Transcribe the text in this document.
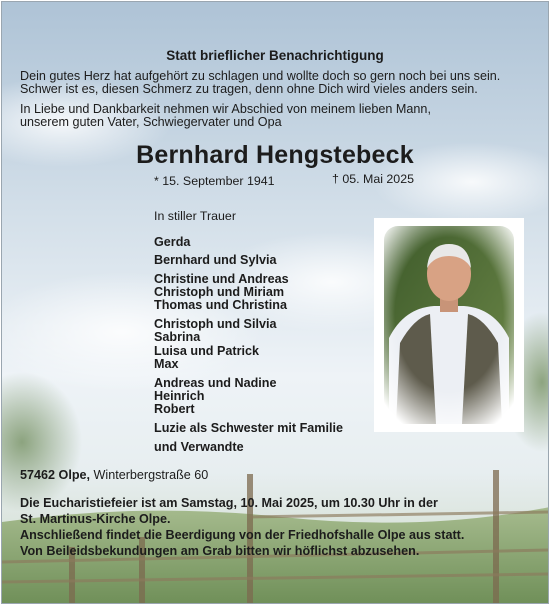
Statt brieflicher Benachrichtigung
Dein gutes Herz hat aufgehört zu schlagen und wollte doch so gern noch bei uns sein.
Schwer ist es, diesen Schmerz zu tragen, denn ohne Dich wird vieles anders sein.
In Liebe und Dankbarkeit nehmen wir Abschied von meinem lieben Mann,
unserem guten Vater, Schwiegervater und Opa
Bernhard Hengstebeck
* 15. September 1941	† 05. Mai 2025
In stiller Trauer
Gerda
Bernhard und Sylvia
Christine und Andreas
Christoph und Miriam
Thomas und Christina
Christoph und Silvia
Sabrina
Luisa und Patrick
Max
Andreas und Nadine
Heinrich
Robert
Luzie als Schwester mit Familie
und Verwandte
57462 Olpe, Winterbergstraße 60
Die Eucharistiefeier ist am Samstag, 10. Mai 2025, um 10.30 Uhr in der
St. Martinus-Kirche Olpe.
Anschließend findet die Beerdigung von der Friedhofshalle Olpe aus statt.
Von Beileidsbekundungen am Grab bitten wir höflichst abzusehen.
